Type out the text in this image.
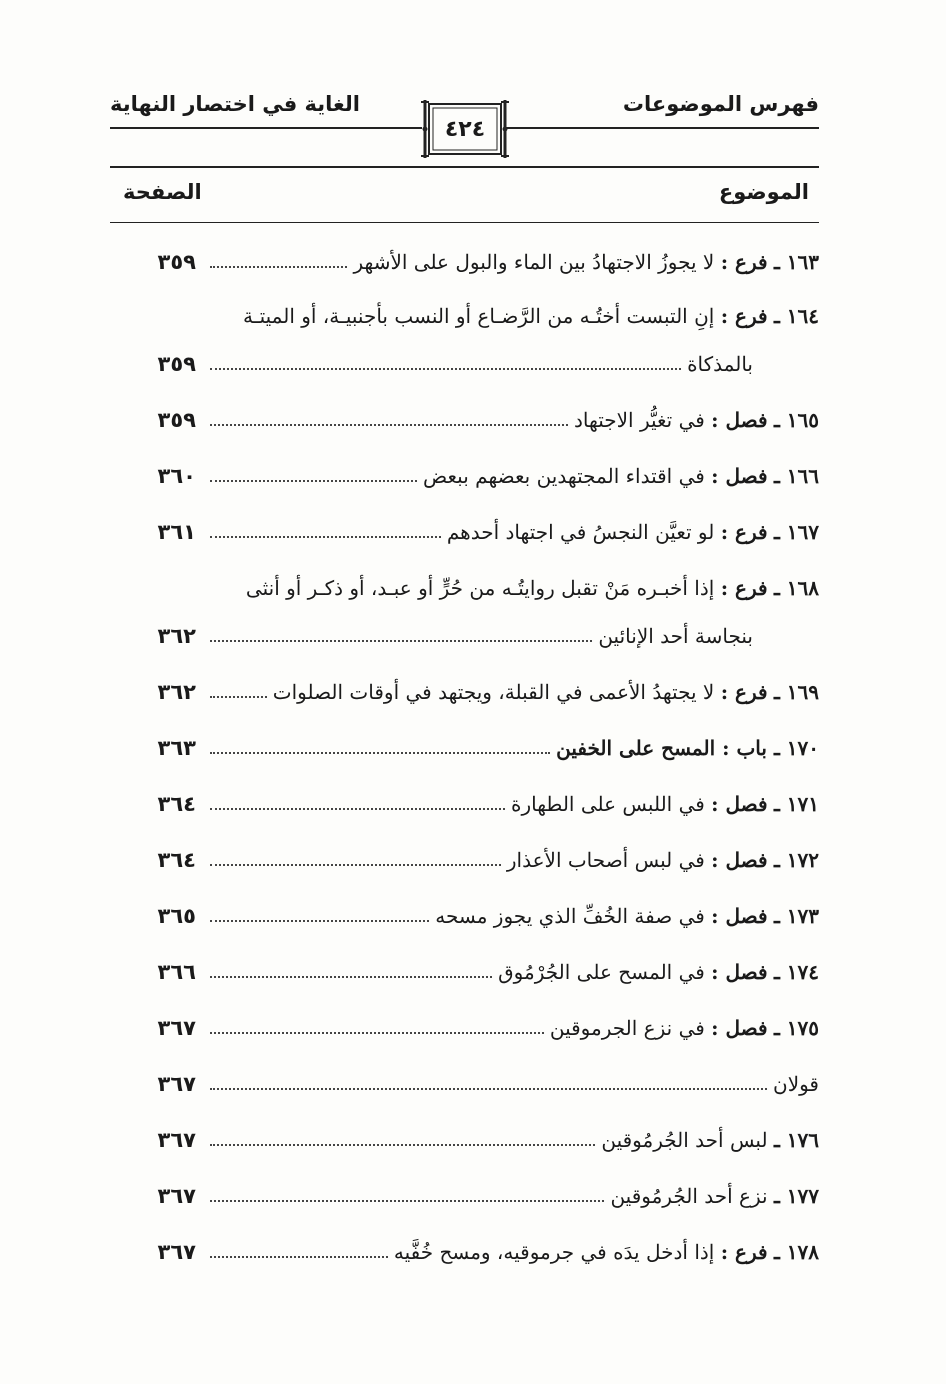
فهرس الموضوعات
الغاية في اختصار النهاية
٤٢٤
الموضوع
الصفحة
١٦٣ ـ فرع : لا يجوزُ الاجتهادُ بين الماء والبول على الأشهر
٣٥٩
١٦٤ ـ فرع : إنِ التبست أختُـه من الرَّضـاع أو النسب بأجنبيـة، أو الميتـة
بالمذكاة
٣٥٩
١٦٥ ـ فصل : في تغيُّر الاجتهاد
٣٥٩
١٦٦ ـ فصل : في اقتداء المجتهدين بعضهم ببعض
٣٦٠
١٦٧ ـ فرع : لو تعيَّن النجسُ في اجتهاد أحدهم
٣٦١
١٦٨ ـ فرع : إذا أخبـره مَنْ تقبل روايتُـه من حُرٍّ أو عبـد، أو ذكـر أو أنثى
بنجاسة أحد الإنائين
٣٦٢
١٦٩ ـ فرع : لا يجتهدُ الأعمى في القبلة، ويجتهد في أوقات الصلوات
٣٦٢
١٧٠ ـ باب : المسح على الخفين
٣٦٣
١٧١ ـ فصل : في اللبس على الطهارة
٣٦٤
١٧٢ ـ فصل : في لبس أصحاب الأعذار
٣٦٤
١٧٣ ـ فصل : في صفة الخُفِّ الذي يجوز مسحه
٣٦٥
١٧٤ ـ فصل : في المسح على الجُرْمُوق
٣٦٦
١٧٥ ـ فصل : في نزع الجرموقين
٣٦٧
قولان
٣٦٧
١٧٦ ـ لبس أحد الجُرمُوقين
٣٦٧
١٧٧ ـ نزع أحد الجُرمُوقين
٣٦٧
١٧٨ ـ فرع : إذا أدخل يدَه في جرموقيه، ومسح خُفَّيه
٣٦٧
